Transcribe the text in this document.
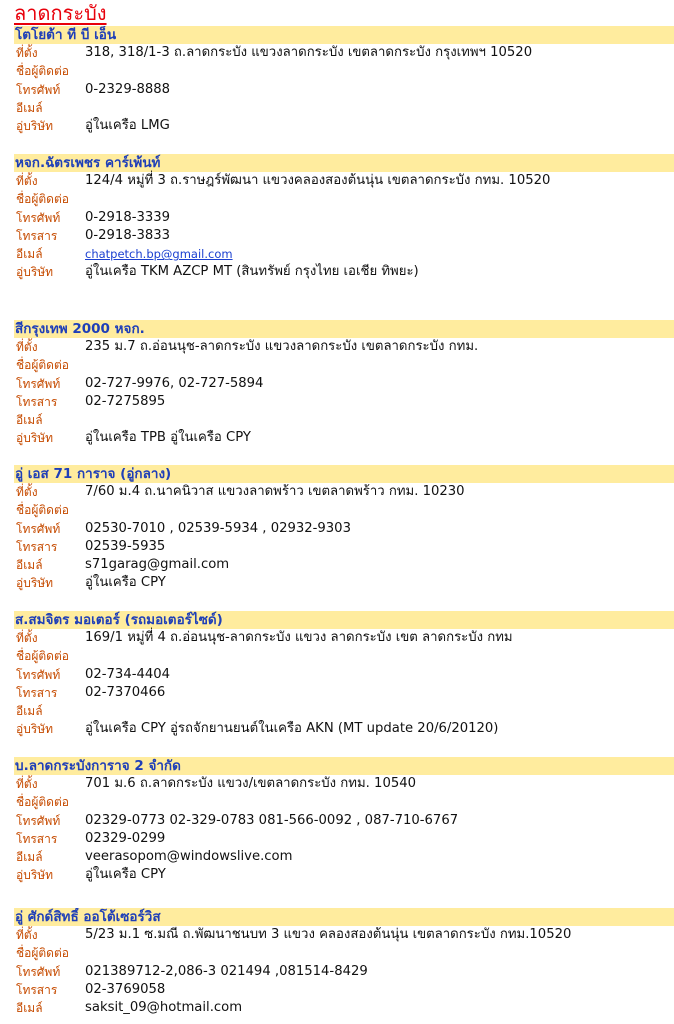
ลาดกระบัง
โตโยต้า ที บี เอ็น
ที่ตั้ง	318, 318/1-3 ถ.ลาดกระบัง แขวงลาดกระบัง เขตลาดกระบัง กรุงเทพฯ 10520
ชื่อผู้ติดต่อ
โทรศัพท์ 0-2329-8888
อีเมล์
อู่บริษัท อู่ในเครือ LMG
หจก.ฉัตรเพชร คาร์เพ้นท์
ที่ตั้ง	124/4 หมู่ที่ 3 ถ.ราษฎร์พัฒนา แขวงคลองสองต้นนุ่น เขตลาดกระบัง กทม. 10520
ชื่อผู้ติดต่อ
โทรศัพท์ 0-2918-3339
โทรสาร 0-2918-3833
อีเมล์	chatpetch.bp@gmail.com
อู่บริษัท อู่ในเครือ TKM AZCP MT (สินทรัพย์ กรุงไทย เอเชีย ทิพยะ)
สีกรุงเทพ 2000 หจก.
ที่ตั้ง	235 ม.7 ถ.อ่อนนุช-ลาดกระบัง แขวงลาดกระบัง เขตลาดกระบัง กทม.
ชื่อผู้ติดต่อ
โทรศัพท์ 02-727-9976, 02-727-5894
โทรสาร 02-7275895
อีเมล์
อู่บริษัท อู่ในเครือ TPB อู่ในเครือ CPY
อู่ เอส 71 การาจ (อู่กลาง)
ที่ตั้ง	7/60 ม.4 ถ.นาคนิวาส แขวงลาดพร้าว เขตลาดพร้าว กทม. 10230
ชื่อผู้ติดต่อ
โทรศัพท์ 02530-7010 , 02539-5934 , 02932-9303
โทรสาร 02539-5935
อีเมล์	s71garag@gmail.com
อู่บริษัท อู่ในเครือ CPY
ส.สมจิตร มอเตอร์ (รถมอเตอร์ไซด์)
ที่ตั้ง	169/1 หมู่ที่ 4 ถ.อ่อนนุช-ลาดกระบัง แขวง ลาดกระบัง เขต ลาดกระบัง กทม
ชื่อผู้ติดต่อ
โทรศัพท์ 02-734-4404
โทรสาร 02-7370466
อีเมล์
อู่บริษัท อู่ในเครือ CPY อู่รถจักยานยนต์ในเครือ AKN (MT update 20/6/20120)
บ.ลาดกระบังการาจ 2 จำกัด
ที่ตั้ง	701 ม.6 ถ.ลาดกระบัง แขวง/เขตลาดกระบัง กทม. 10540
ชื่อผู้ติดต่อ
โทรศัพท์ 02329-0773 02-329-0783 081-566-0092 , 087-710-6767
โทรสาร 02329-0299
อีเมล์	veerasopom@windowslive.com
อู่บริษัท อู่ในเครือ CPY
อู่ ศักด์สิทธิ์ ออโต้เซอร์วิส
ที่ตั้ง	5/23 ม.1 ซ.มณี ถ.พัฒนาชนบท 3 แขวง คลองสองต้นนุ่น เขตลาดกระบัง กทม.10520
ชื่อผู้ติดต่อ
โทรศัพท์ 021389712-2,086-3 021494 ,081514-8429
โทรสาร 02-3769058
อีเมล์	saksit_09@hotmail.com
